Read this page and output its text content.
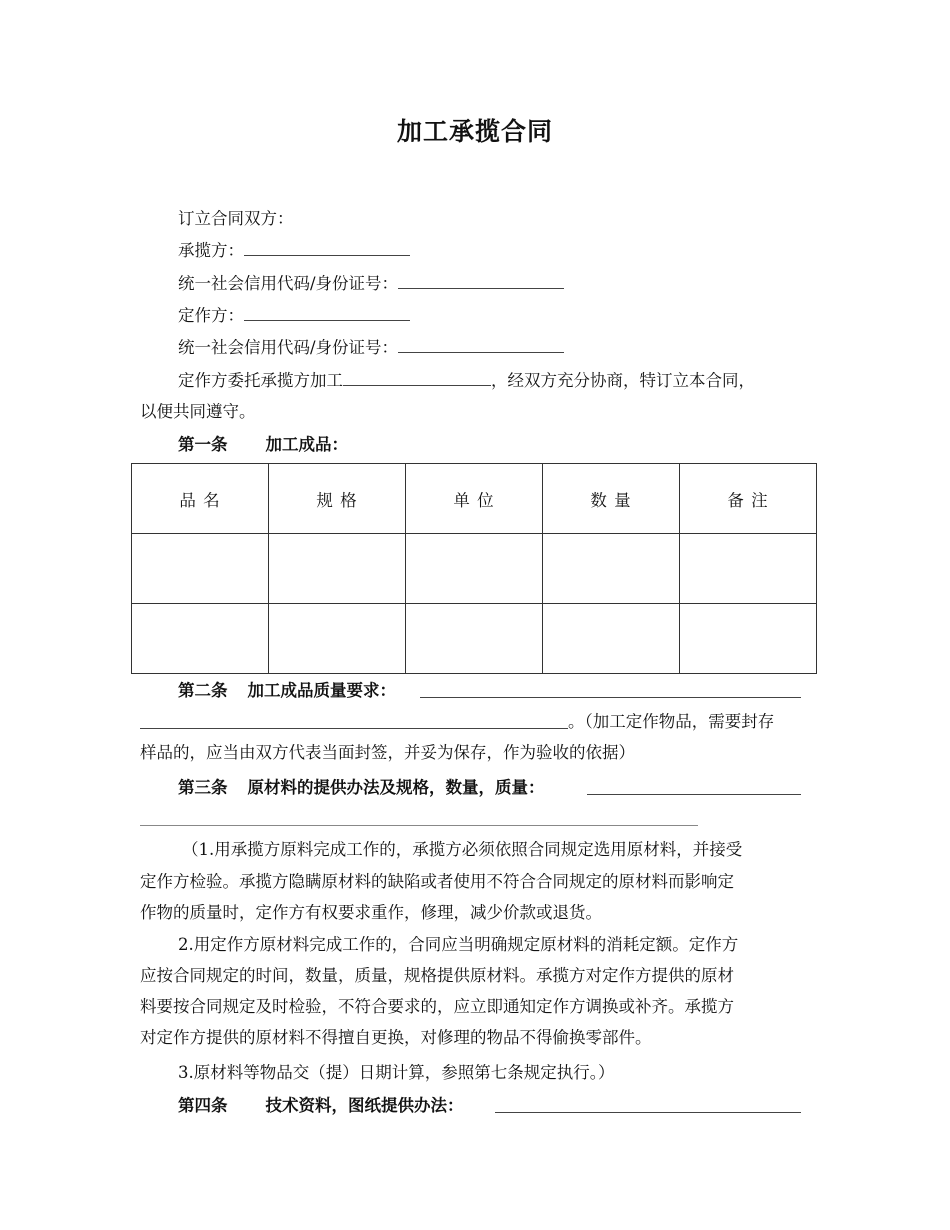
加工承揽合同
订立合同双方：
承揽方：
统一社会信用代码/身份证号：
定作方：
统一社会信用代码/身份证号：
定作方委托承揽方加工	，经双方充分协商，特订立本合同，
以便共同遵守。
第一条 加工成品：
品 名	规 格	单 位	数 量	备 注

第二条 加工成品质量要求：
。（加工定作物品，需要封存
样品的，应当由双方代表当面封签，并妥为保存，作为验收的依据）
第三条 原材料的提供办法及规格，数量，质量：
（1.用承揽方原料完成工作的，承揽方必须依照合同规定选用原材料，并接受
定作方检验。承揽方隐瞒原材料的缺陷或者使用不符合合同规定的原材料而影响定
作物的质量时，定作方有权要求重作，修理，减少价款或退货。
2.用定作方原材料完成工作的，合同应当明确规定原材料的消耗定额。定作方
应按合同规定的时间，数量，质量，规格提供原材料。承揽方对定作方提供的原材
料要按合同规定及时检验，不符合要求的，应立即通知定作方调换或补齐。承揽方
对定作方提供的原材料不得擅自更换，对修理的物品不得偷换零部件。
3.原材料等物品交（提）日期计算，参照第七条规定执行。）
第四条 技术资料，图纸提供办法：
